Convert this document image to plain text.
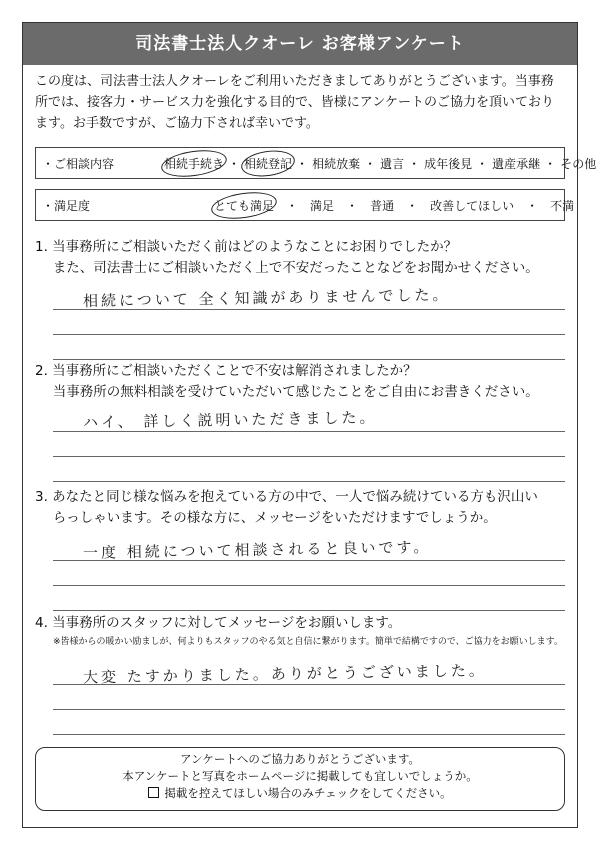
司法書士法人クオーレ お客様アンケート
この度は、司法書士法人クオーレをご利用いただきましてありがとうございます。当事務
所では、接客力・サービス力を強化する目的で、皆様にアンケートのご協力を頂いており
ます。お手数ですが、ご協力下されば幸いです。
・ご相談内容	相続手続き ・ 相続登記 ・ 相続放棄 ・ 遺言 ・ 成年後見 ・ 遺産承継 ・ その他
・満足度	とても満足 ・ 満足 ・ 普通 ・ 改善してほしい ・ 不満
1. 当事務所にご相談いただく前はどのようなことにお困りでしたか？
　 また、司法書士にご相談いただく上で不安だったことなどをお聞かせください。
相続について 全く知識がありませんでした。
2. 当事務所にご相談いただくことで不安は解消されましたか？
　 当事務所の無料相談を受けていただいて感じたことをご自由にお書きください。
ハイ、 詳しく説明いただきました。
3. あなたと同じ様な悩みを抱えている方の中で、一人で悩み続けている方も沢山い
　 らっしゃいます。その様な方に、メッセージをいただけますでしょうか。
一度 相続について相談されると良いです。
4. 当事務所のスタッフに対してメッセージをお願いします。
※皆様からの暖かい励ましが、何よりもスタッフのやる気と自信に繋がります。簡単で結構ですので、ご協力をお願いします。
大変 たすかりました。ありがとうございました。
アンケートへのご協力ありがとうございます。
本アンケートと写真をホームページに掲載しても宜しいでしょうか。
掲載を控えてほしい場合のみチェックをしてください。
